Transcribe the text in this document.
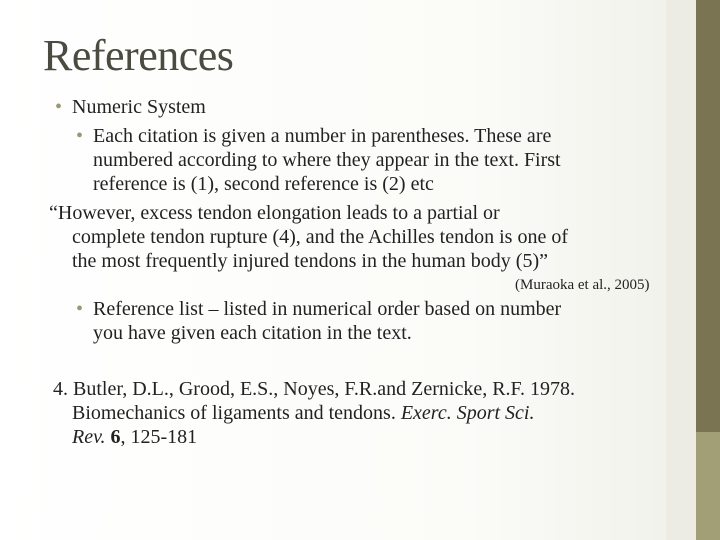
References
• Numeric System
• Each citation is given a number in parentheses. These are
numbered according to where they appear in the text. First
reference is (1), second reference is (2) etc
“However, excess tendon elongation leads to a partial or
complete tendon rupture (4), and the Achilles tendon is one of
the most frequently injured tendons in the human body (5)”
(Muraoka et al., 2005)
• Reference list – listed in numerical order based on number
you have given each citation in the text.
4. Butler, D.L., Grood, E.S., Noyes, F.R.and Zernicke, R.F. 1978.
Biomechanics of ligaments and tendons. Exerc. Sport Sci.
Rev. 6, 125-181
